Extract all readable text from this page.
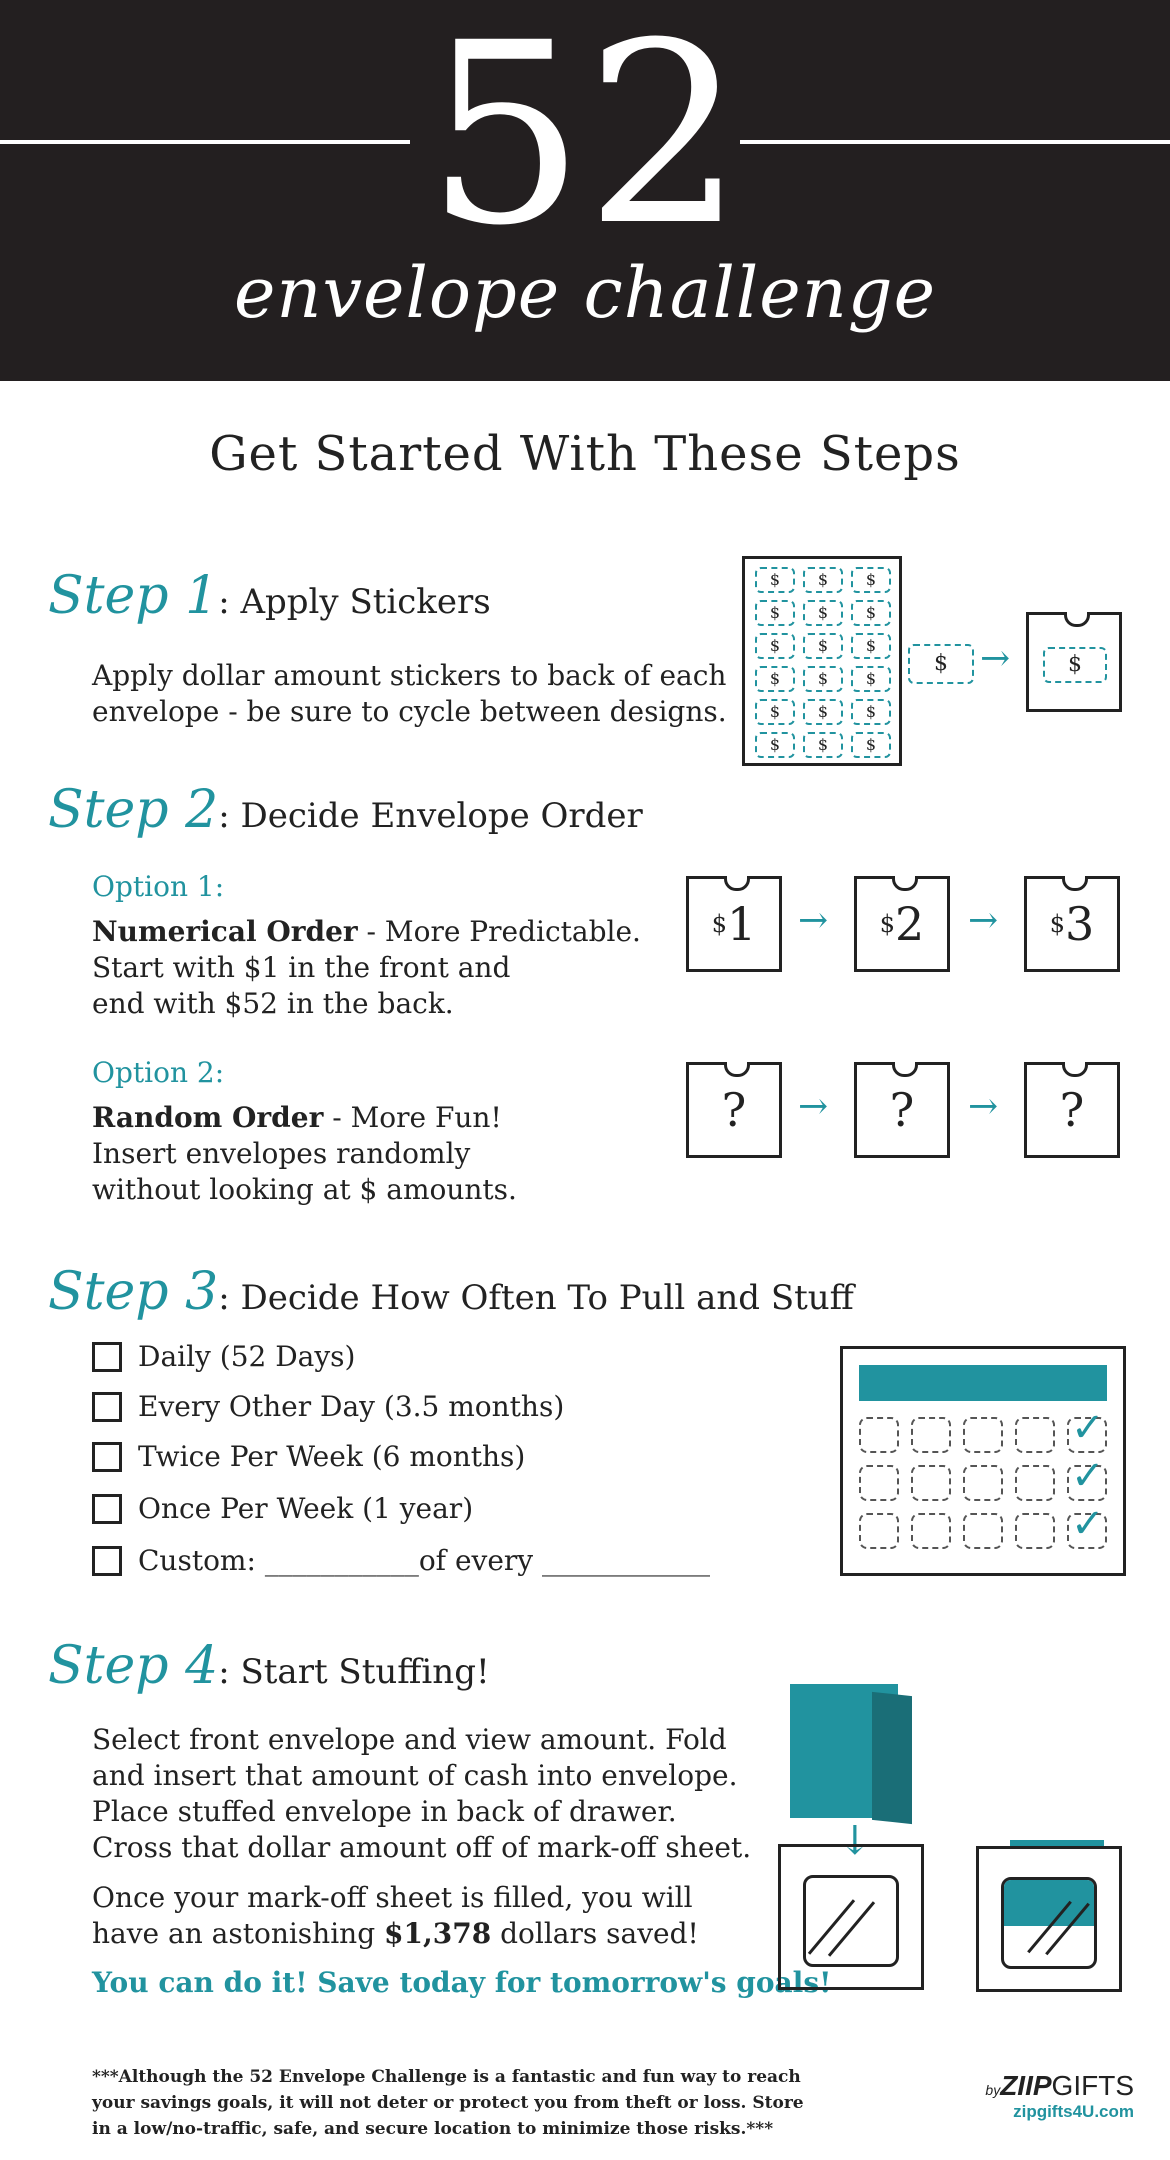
52
envelope challenge
Get Started With These Steps
Step 1: Apply Stickers
Apply dollar amount stickers to back of each
envelope - be sure to cycle between designs.
$	$	$
$	$	$
$	$	$
$	$	$
$	$	$
$	$	$
$ →	$
Step 2: Decide Envelope Order
Option 1:
Numerical Order - More Predictable.
Start with $1 in the front and
end with $52 in the back.
$ 1 → $ 2 → $ 3
Option 2:
Random Order - More Fun!
Insert envelopes randomly
without looking at $ amounts.
?	→	?	→	?
Step 3: Decide How Often To Pull and Stuff
Daily (52 Days)
Every Other Day (3.5 months)
Twice Per Week (6 months)
Once Per Week (1 year)
Custom: ___________of every ____________
✓
✓
✓
Step 4: Start Stuffing!
Select front envelope and view amount. Fold
and insert that amount of cash into envelope.
Place stuffed envelope in back of drawer.
Cross that dollar amount off of mark-off sheet.
Once your mark-off sheet is filled, you will
have an astonishing $1,378 dollars saved!
You can do it! Save today for tomorrow's goals!
↓
***Although the 52 Envelope Challenge is a fantastic and fun way to reach
your savings goals, it will not deter or protect you from theft or loss. Store
in a low/no-traffic, safe, and secure location to minimize those risks.***
byZIIPGIFTS
zipgifts4U.com
